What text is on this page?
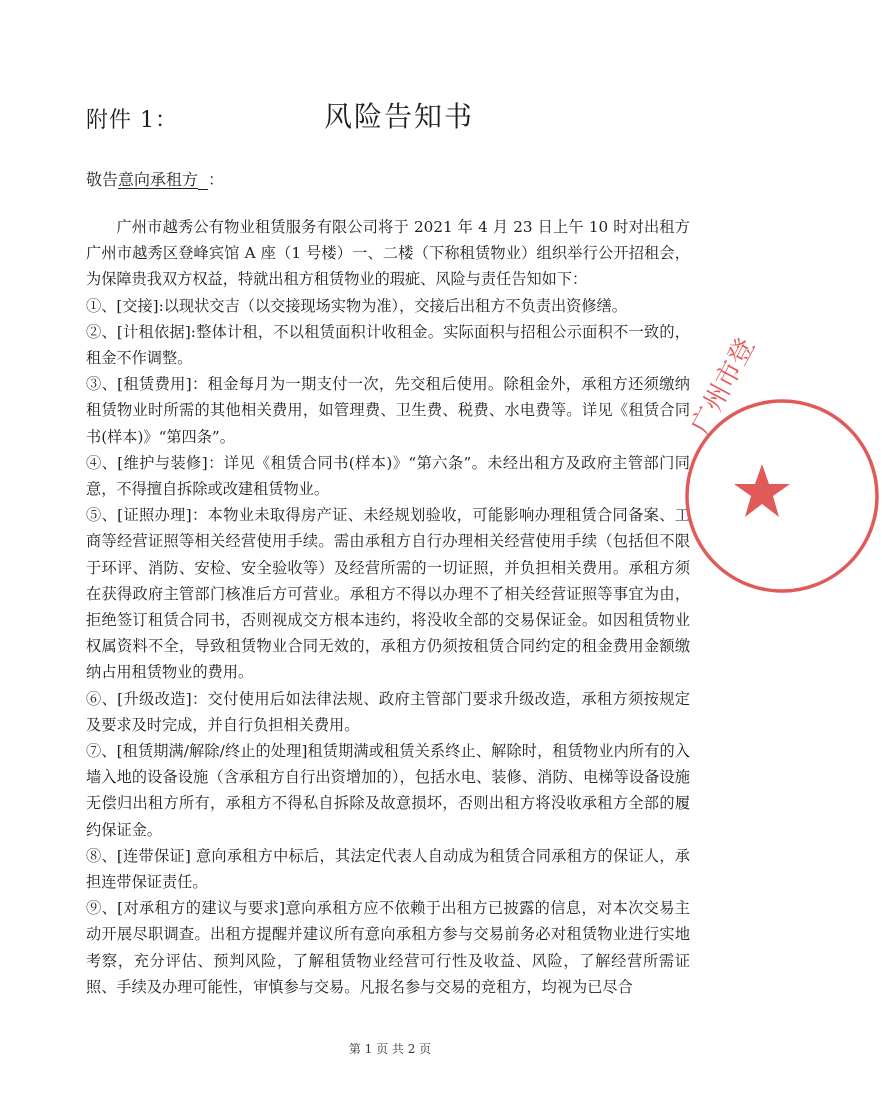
附件 1：	风险告知书
敬告意向承租方 ：

广州市越秀公有物业租赁服务有限公司将于 2021 年 4 月 23 日上午 10 时对出租方广州市越秀区登峰宾馆 A 座（1 号楼）一、二楼（下称租赁物业）组织举行公开招租会，为保障贵我双方权益，特就出租方租赁物业的瑕疵、风险与责任告知如下：

①、[交接]:以现状交吉（以交接现场实物为准），交接后出租方不负责出资修缮。

②、[计租依据]:整体计租，不以租赁面积计收租金。实际面积与招租公示面积不一致的，租金不作调整。

③、[租赁费用]：租金每月为一期支付一次，先交租后使用。除租金外，承租方还须缴纳租赁物业时所需的其他相关费用，如管理费、卫生费、税费、水电费等。详见《租赁合同书(样本)》“第四条”。

④、[维护与装修]：详见《租赁合同书(样本)》“第六条”。未经出租方及政府主管部门同意，不得擅自拆除或改建租赁物业。

⑤、[证照办理]：本物业未取得房产证、未经规划验收，可能影响办理租赁合同备案、工商等经营证照等相关经营使用手续。需由承租方自行办理相关经营使用手续（包括但不限于环评、消防、安检、安全验收等）及经营所需的一切证照，并负担相关费用。承租方须在获得政府主管部门核准后方可营业。承租方不得以办理不了相关经营证照等事宜为由，拒绝签订租赁合同书，否则视成交方根本违约，将没收全部的交易保证金。如因租赁物业权属资料不全，导致租赁物业合同无效的，承租方仍须按租赁合同约定的租金费用金额缴纳占用租赁物业的费用。

⑥、[升级改造]：交付使用后如法律法规、政府主管部门要求升级改造，承租方须按规定及要求及时完成，并自行负担相关费用。

⑦、[租赁期满/解除/终止的处理]租赁期满或租赁关系终止、解除时，租赁物业内所有的入墙入地的设备设施（含承租方自行出资增加的），包括水电、装修、消防、电梯等设备设施无偿归出租方所有，承租方不得私自拆除及故意损坏，否则出租方将没收承租方全部的履约保证金。

⑧、[连带保证] 意向承租方中标后，其法定代表人自动成为租赁合同承租方的保证人，承担连带保证责任。

⑨、[对承租方的建议与要求]意向承租方应不依赖于出租方已披露的信息，对本次交易主动开展尽职调查。出租方提醒并建议所有意向承租方参与交易前务必对租赁物业进行实地考察，充分评估、预判风险，了解租赁物业经营可行性及收益、风险，了解经营所需证照、手续及办理可能性，审慎参与交易。凡报名参与交易的竞租方，均视为已尽合

广州市登
第 1 页 共 2 页
